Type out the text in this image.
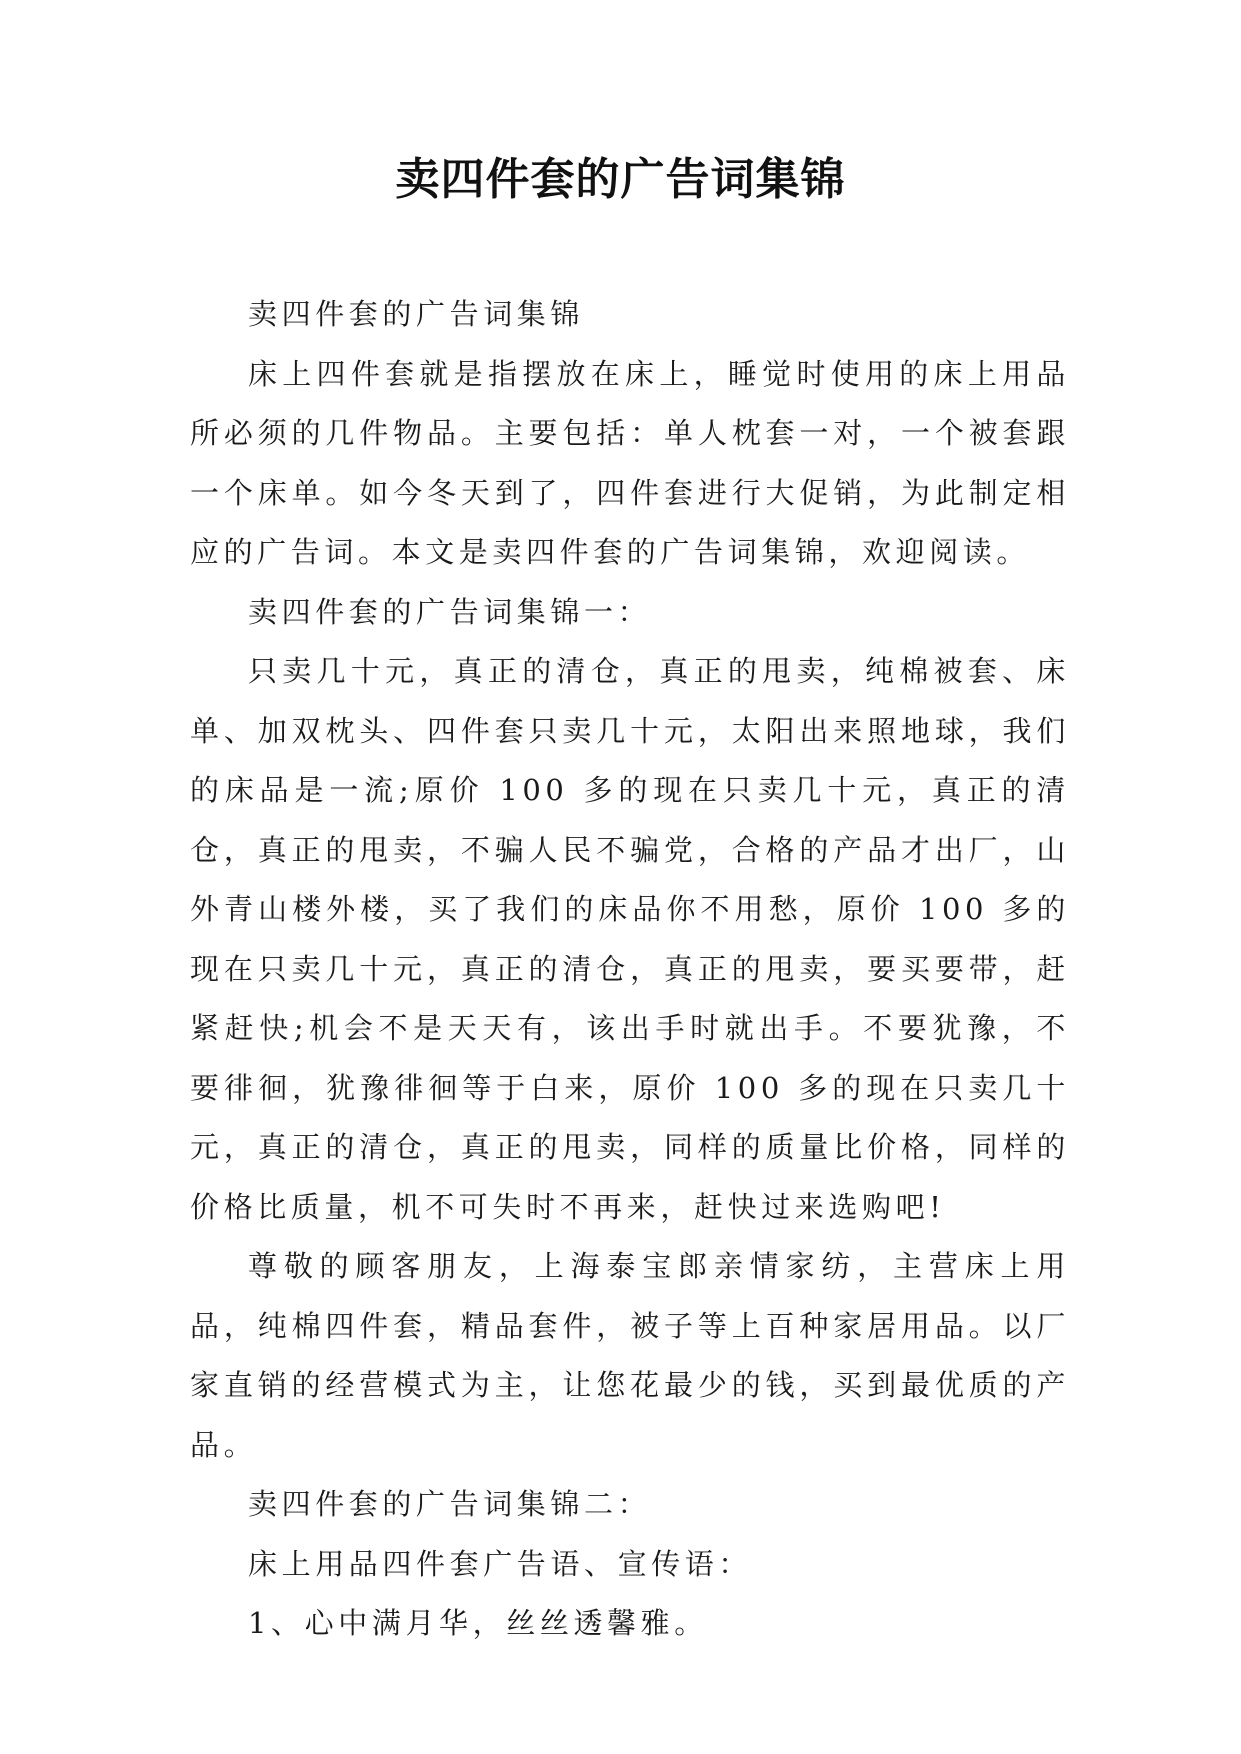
卖四件套的广告词集锦

卖四件套的广告词集锦

床上四件套就是指摆放在床上，睡觉时使用的床上用品所必须的几件物品。主要包括：单人枕套一对，一个被套跟一个床单。如今冬天到了，四件套进行大促销，为此制定相应的广告词。本文是卖四件套的广告词集锦，欢迎阅读。

卖四件套的广告词集锦一：

只卖几十元，真正的清仓，真正的甩卖，纯棉被套、床单、加双枕头、四件套只卖几十元，太阳出来照地球，我们的床品是一流;原价 100 多的现在只卖几十元，真正的清仓，真正的甩卖，不骗人民不骗党，合格的产品才出厂，山外青山楼外楼，买了我们的床品你不用愁，原价 100 多的现在只卖几十元，真正的清仓，真正的甩卖，要买要带，赶紧赶快;机会不是天天有，该出手时就出手。不要犹豫，不要徘徊，犹豫徘徊等于白来，原价 100 多的现在只卖几十元，真正的清仓，真正的甩卖，同样的质量比价格，同样的价格比质量，机不可失时不再来，赶快过来选购吧!

尊敬的顾客朋友，上海泰宝郎亲情家纺，主营床上用品，纯棉四件套，精品套件，被子等上百种家居用品。以厂家直销的经营模式为主，让您花最少的钱，买到最优质的产品。

卖四件套的广告词集锦二：

床上用品四件套广告语、宣传语：

1、心中满月华，丝丝透馨雅。
